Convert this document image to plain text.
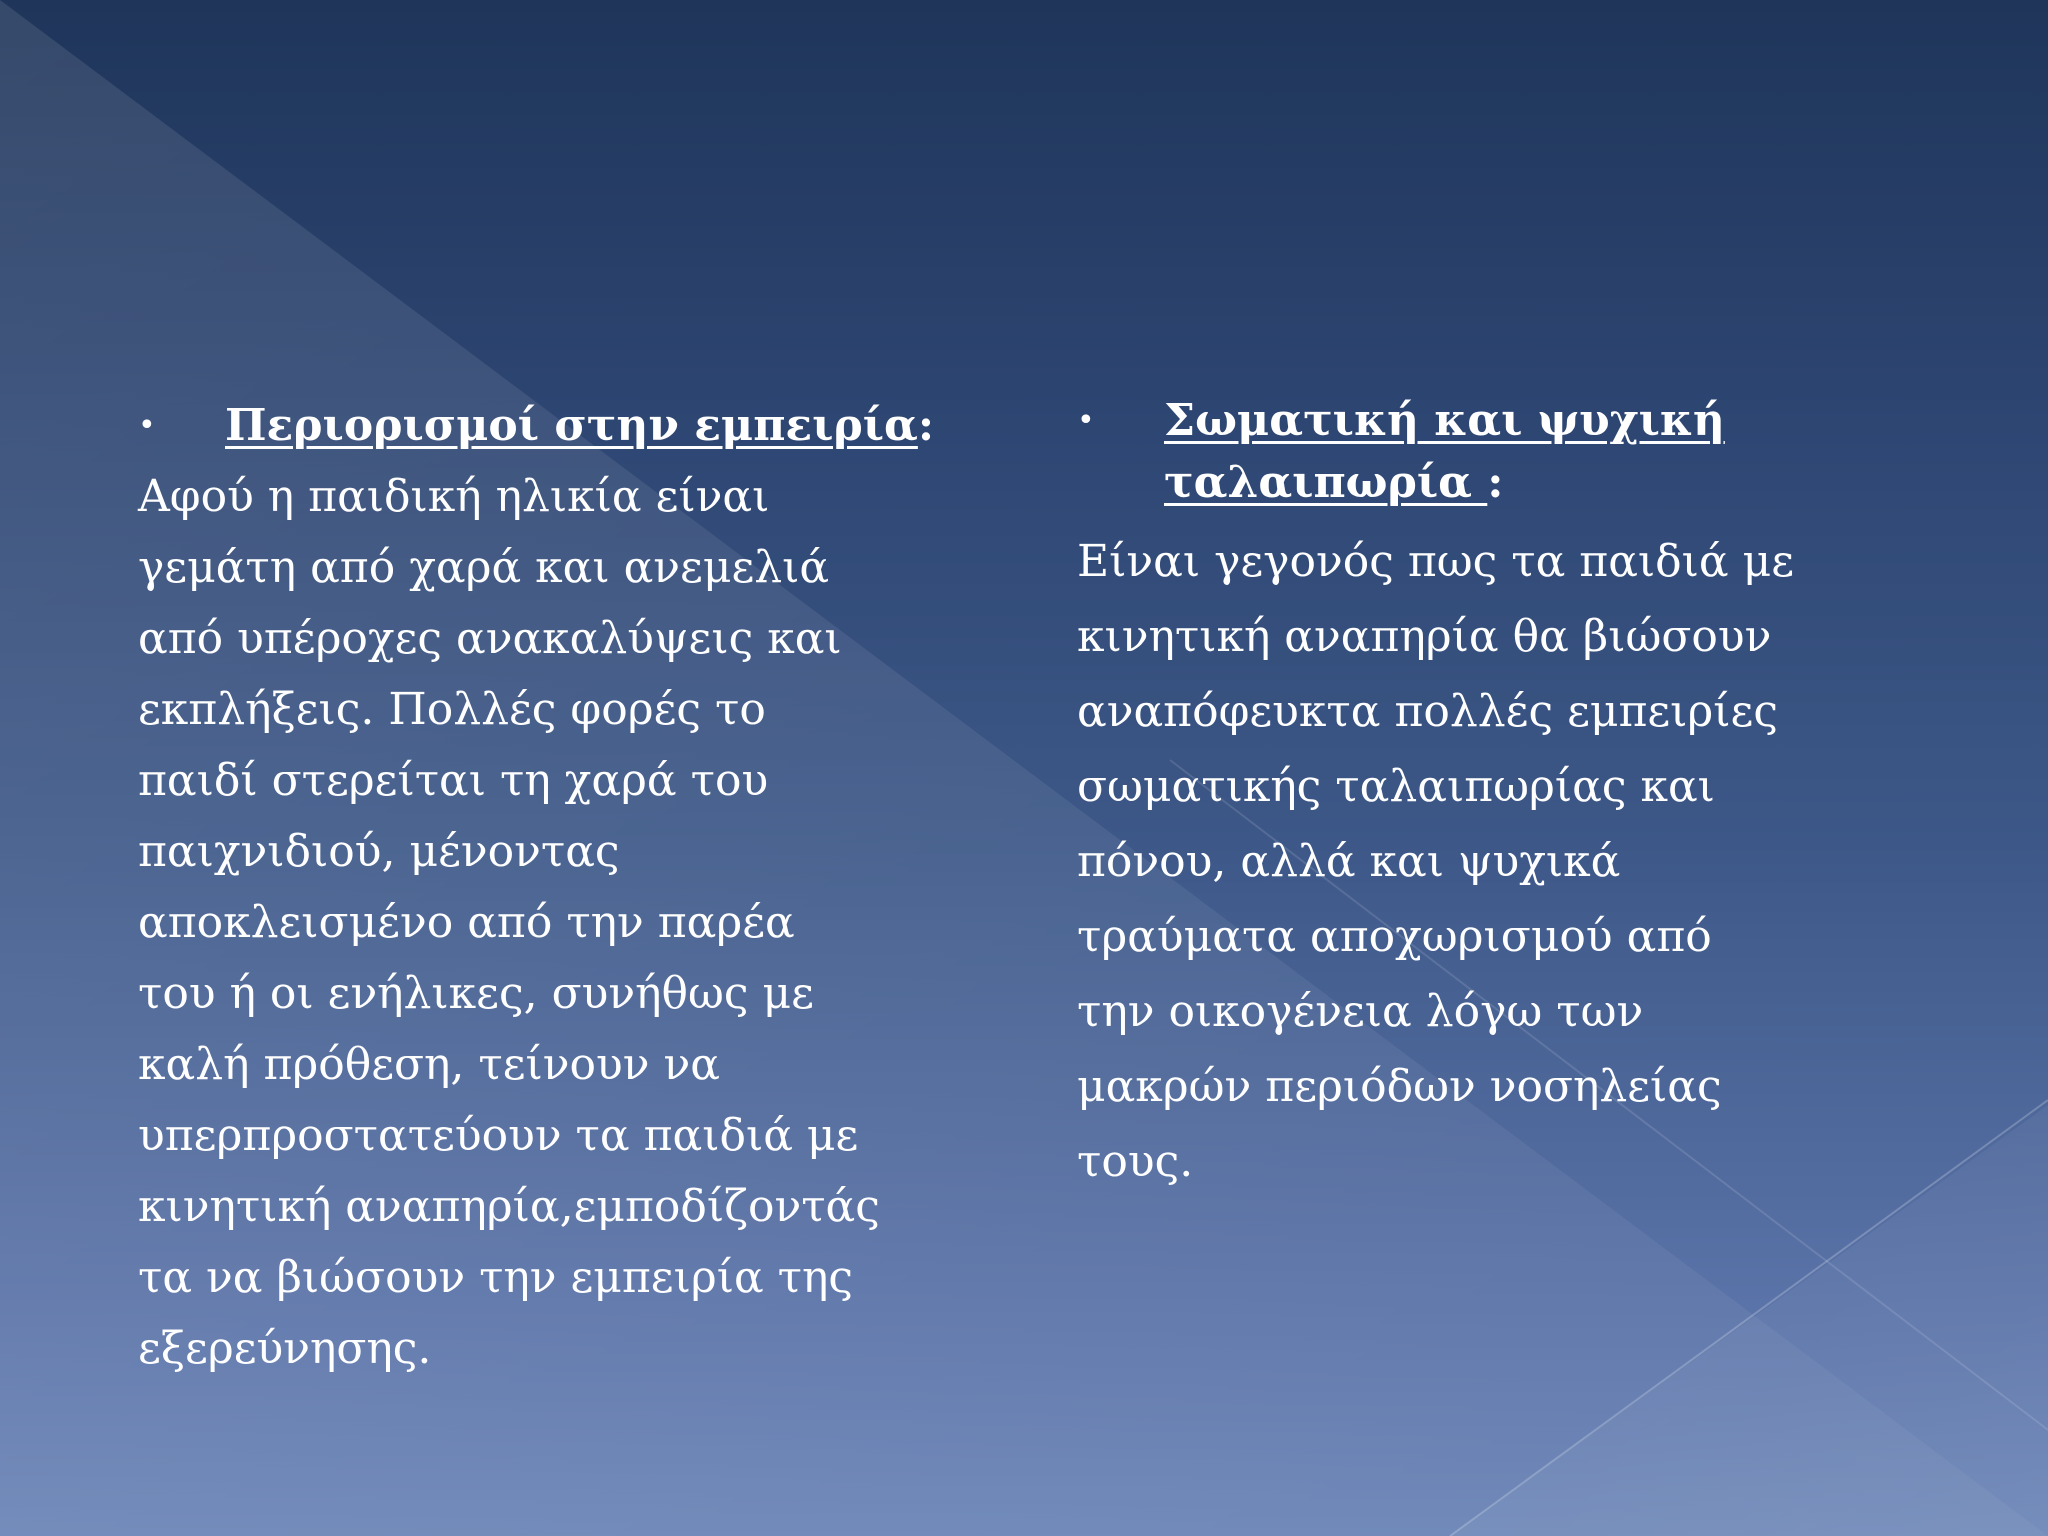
• Περιορισμοί στην εμπειρία:
Αφού η παιδική ηλικία είναι
γεμάτη από χαρά και ανεμελιά
από υπέροχες ανακαλύψεις και
εκπλήξεις. Πολλές φορές το
παιδί στερείται τη χαρά του
παιχνιδιού, μένοντας
αποκλεισμένο από την παρέα
του ή οι ενήλικες, συνήθως με
καλή πρόθεση, τείνουν να
υπερπροστατεύουν τα παιδιά με
κινητική αναπηρία,εμποδίζοντάς
τα να βιώσουν την εμπειρία της
εξερεύνησης.
• Σωματική και ψυχική ταλαιπωρία :
Είναι γεγονός πως τα παιδιά με
κινητική αναπηρία θα βιώσουν
αναπόφευκτα πολλές εμπειρίες
σωματικής ταλαιπωρίας και
πόνου, αλλά και ψυχικά
τραύματα αποχωρισμού από
την οικογένεια λόγω των
μακρών περιόδων νοσηλείας
τους.
